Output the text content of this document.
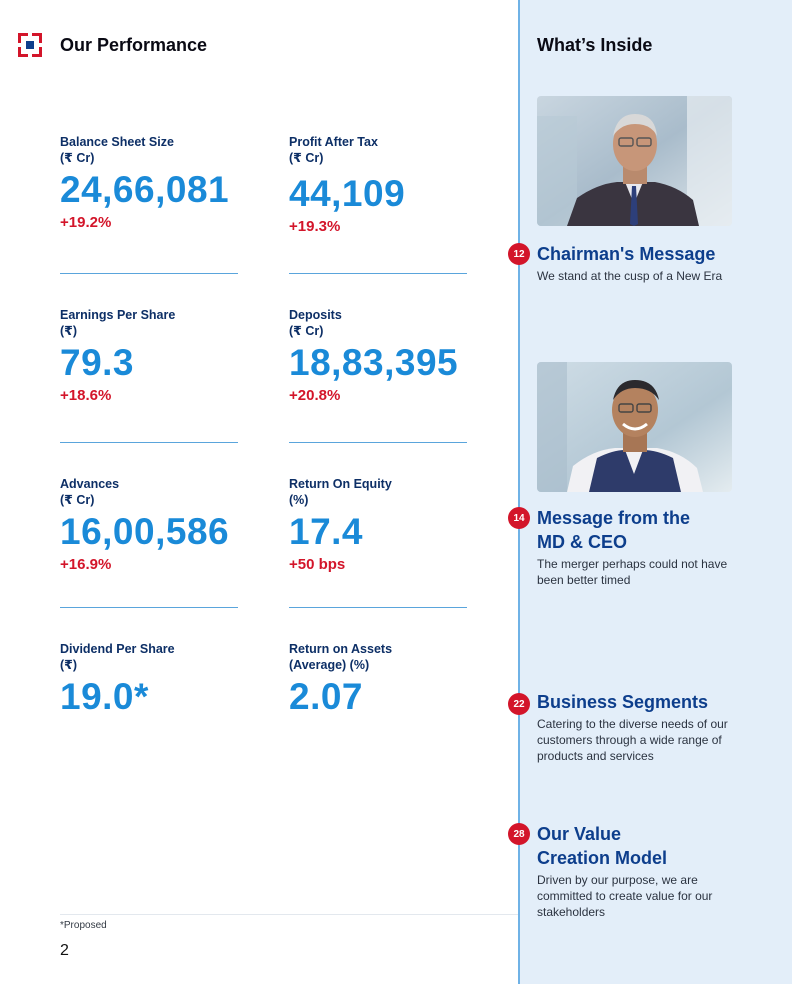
Our Performance
Balance Sheet Size
(₹ Cr)
24,66,081
+19.2%
Profit After Tax
(₹ Cr)
44,109
+19.3%
Earnings Per Share
(₹)
79.3
+18.6%
Deposits
(₹ Cr)
18,83,395
+20.8%
Advances
(₹ Cr)
16,00,586
+16.9%
Return On Equity
(%)
17.4
+50 bps
Dividend Per Share
(₹)
19.0*
Return on Assets
(Average) (%)
2.07
*Proposed
2
What’s Inside
12 Chairman's Message
We stand at the cusp of a New Era
14 Message from the
MD & CEO
The merger perhaps could not have been better timed
22 Business Segments
Catering to the diverse needs of our customers through a wide range of products and services
28 Our Value
Creation Model
Driven by our purpose, we are committed to create value for our stakeholders
